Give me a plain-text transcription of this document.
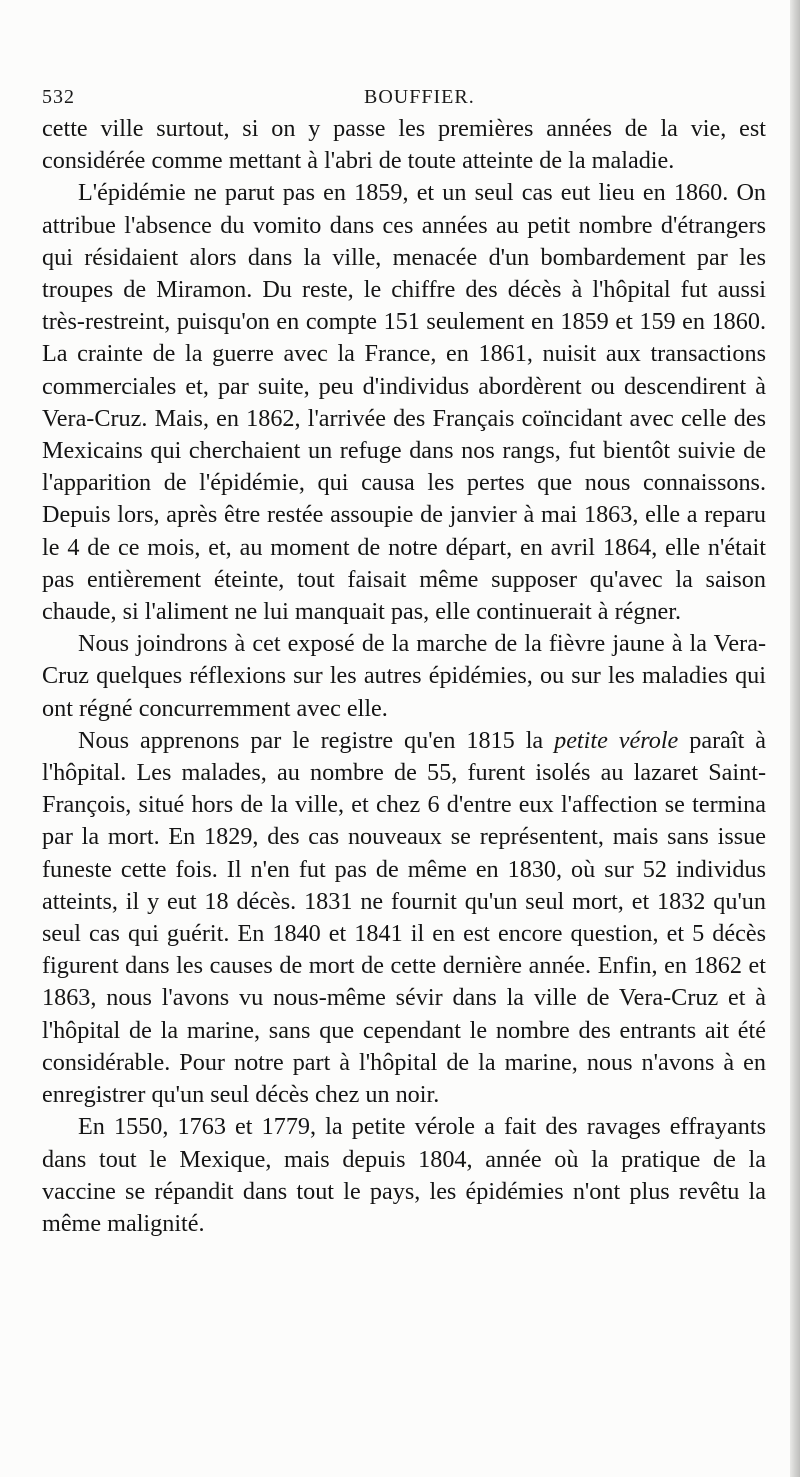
532	BOUFFIER.

cette ville surtout, si on y passe les premières années de la vie, est considérée comme mettant à l'abri de toute atteinte de la maladie.

L'épidémie ne parut pas en 1859, et un seul cas eut lieu en 1860. On attribue l'absence du vomito dans ces années au petit nombre d'étrangers qui résidaient alors dans la ville, menacée d'un bombardement par les troupes de Miramon. Du reste, le chiffre des décès à l'hôpital fut aussi très-restreint, puisqu'on en compte 151 seulement en 1859 et 159 en 1860. La crainte de la guerre avec la France, en 1861, nuisit aux transactions commerciales et, par suite, peu d'individus abordèrent ou descendirent à Vera-Cruz. Mais, en 1862, l'arrivée des Français coïncidant avec celle des Mexicains qui cherchaient un refuge dans nos rangs, fut bientôt suivie de l'apparition de l'épidémie, qui causa les pertes que nous connaissons. Depuis lors, après être restée assoupie de janvier à mai 1863, elle a reparu le 4 de ce mois, et, au moment de notre départ, en avril 1864, elle n'était pas entièrement éteinte, tout faisait même supposer qu'avec la saison chaude, si l'aliment ne lui manquait pas, elle continuerait à régner.

Nous joindrons à cet exposé de la marche de la fièvre jaune à la Vera-Cruz quelques réflexions sur les autres épidémies, ou sur les maladies qui ont régné concurremment avec elle.

Nous apprenons par le registre qu'en 1815 la petite vérole paraît à l'hôpital. Les malades, au nombre de 55, furent isolés au lazaret Saint-François, situé hors de la ville, et chez 6 d'entre eux l'affection se termina par la mort. En 1829, des cas nouveaux se représentent, mais sans issue funeste cette fois. Il n'en fut pas de même en 1830, où sur 52 individus atteints, il y eut 18 décès. 1831 ne fournit qu'un seul mort, et 1832 qu'un seul cas qui guérit. En 1840 et 1841 il en est encore question, et 5 décès figurent dans les causes de mort de cette dernière année. Enfin, en 1862 et 1863, nous l'avons vu nous-même sévir dans la ville de Vera-Cruz et à l'hôpital de la marine, sans que cependant le nombre des entrants ait été considérable. Pour notre part à l'hôpital de la marine, nous n'avons à en enregistrer qu'un seul décès chez un noir.

En 1550, 1763 et 1779, la petite vérole a fait des ravages effrayants dans tout le Mexique, mais depuis 1804, année où la pratique de la vaccine se répandit dans tout le pays, les épidémies n'ont plus revêtu la même malignité.
